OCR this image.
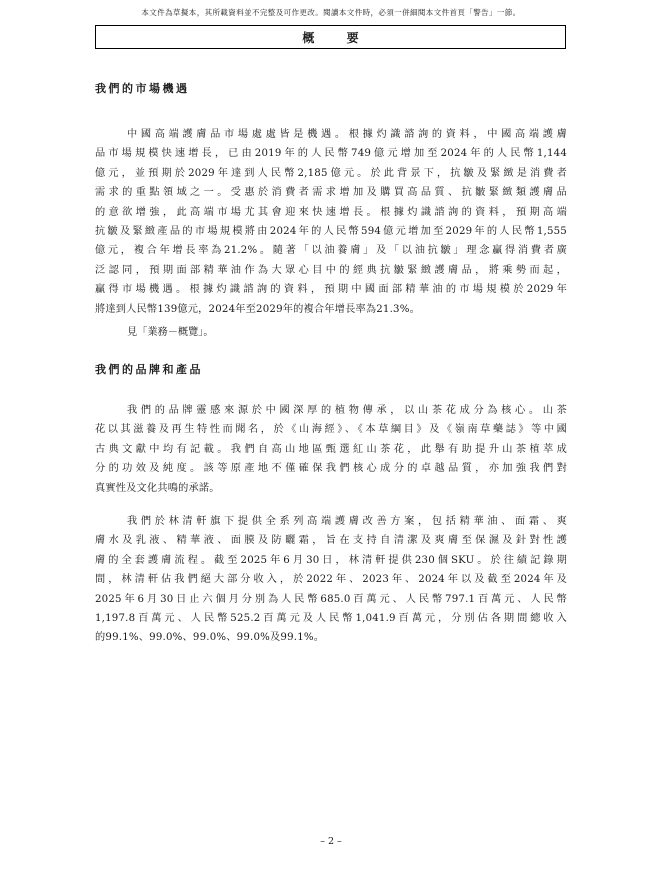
本文件為草擬本，其所載資料並不完整及可作更改。閱讀本文件時，必須一併細閱本文件首頁「警告」一節。
概 要
我們的市場機遇
中國高端護膚品市場處處皆是機遇。根據灼識諮詢的資料，中國高端護膚
品市場規模快速增長，已由2019年的人民幣749億元增加至2024年的人民幣1,144
億元，並預期於2029年達到人民幣2,185億元。於此背景下，抗皺及緊緻是消費者
需求的重點領域之一。受惠於消費者需求增加及購買高品質、抗皺緊緻類護膚品
的意欲增強，此高端市場尤其會迎來快速增長。根據灼識諮詢的資料，預期高端
抗皺及緊緻產品的市場規模將由2024年的人民幣594億元增加至2029年的人民幣1,555
億元，複合年增長率為21.2%。隨著「以油養膚」及「以油抗皺」理念贏得消費者廣
泛認同，預期面部精華油作為大眾心目中的經典抗皺緊緻護膚品，將乘勢而起，
贏得市場機遇。根據灼識諮詢的資料，預期中國面部精華油的市場規模於2029年
將達到人民幣139億元，2024年至2029年的複合年增長率為21.3%。
見「業務－概覽」。
我們的品牌和產品
我們的品牌靈感來源於中國深厚的植物傳承，以山茶花成分為核心。山茶
花以其滋養及再生特性而聞名，於《山海經》、《本草綱目》及《嶺南草藥誌》等中國
古典文獻中均有記載。我們自高山地區甄選紅山茶花，此舉有助提升山茶植萃成
分的功效及純度。該等原產地不僅確保我們核心成分的卓越品質，亦加強我們對
真實性及文化共鳴的承諾。
我們於林清軒旗下提供全系列高端護膚改善方案，包括精華油、面霜、爽
膚水及乳液、精華液、面膜及防曬霜，旨在支持自清潔及爽膚至保濕及針對性護
膚的全套護膚流程。截至2025年6月30日，林清軒提供230個SKU。於往績記錄期
間，林清軒佔我們絕大部分收入，於2022年、2023年、2024年以及截至2024年及
2025年6月30日止六個月分別為人民幣685.0百萬元、人民幣797.1百萬元、人民幣
1,197.8百萬元、人民幣525.2百萬元及人民幣1,041.9百萬元，分別佔各期間總收入
的99.1%、99.0%、99.0%、99.0%及99.1%。
– 2 –
